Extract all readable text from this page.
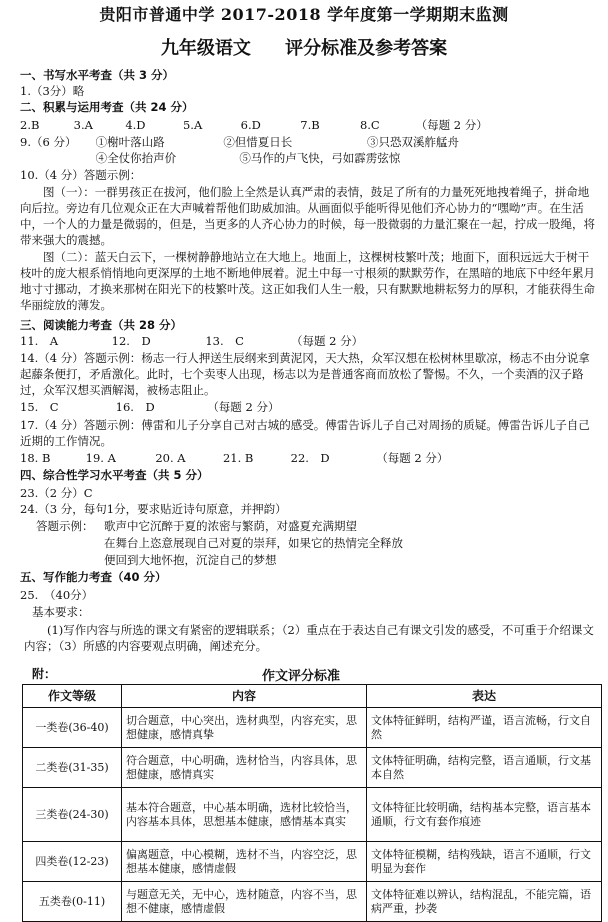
贵阳市普通中学 2017-2018 学年度第一学期期末监测
九年级语文 评分标准及参考答案
一、书写水平考查（共 3 分）
1.（3分）略
二、积累与运用考查（共 24 分）
2.B	3.A	4.D	5.A	6.D	7.B	8.C	（每题 2 分）
9.（6 分） ①榭叶落山路	②但惜夏日长	③只恐双溪舴艋舟
④全仗你抬声价	⑤马作的卢飞快，弓如霹雳弦惊
10.（4 分）答题示例：
图（一）：一群男孩正在拔河，他们脸上全然是认真严肃的表情，鼓足了所有的力量死死地拽着绳子，拼命地向后拉。旁边有几位观众正在大声喊着帮他们助威加油。从画面似乎能听得见他们齐心协力的“嘿呦”声。在生活中，一个人的力量是微弱的，但是，当更多的人齐心协力的时候，每一股微弱的力量汇聚在一起，拧成一股绳，将带来强大的震撼。
图（二）：蓝天白云下，一棵树静静地站立在大地上。地面上，这棵树枝繁叶茂；地面下，面积远远大于树干枝叶的庞大根系悄悄地向更深厚的土地不断地伸展着。泥土中每一寸根须的默默劳作，在黑暗的地底下中经年累月地寸寸挪动，才换来那树在阳光下的枝繁叶茂。这正如我们人生一般，只有默默地耕耘努力的厚积，才能获得生命华丽绽放的薄发。
三、阅读能力考查（共 28 分）
11.　A	12.　D	13.　C	（每题 2 分）
14.（4 分）答题示例：杨志一行人押送生辰纲来到黄泥冈，天大热，众军汉想在松树林里歇凉，杨志不由分说拿起藤条便打，矛盾激化。此时，七个卖枣人出现，杨志以为是普通客商而放松了警惕。不久，一个卖酒的汉子路过，众军汉想买酒解渴，被杨志阻止。
15.　C	16.　D	（每题 2 分）
17.（4 分）答题示例：傅雷和儿子分享自己对古城的感受。傅雷告诉儿子自己对周扬的质疑。傅雷告诉儿子自己近期的工作情况。
18. B	19. A	20. A	21. B	22.　D	（每题 2 分）
四、综合性学习水平考查（共 5 分）
23.（2 分）C
24.（3 分，每句1分，要求贴近诗句原意，并押韵）
答题示例： 歌声中它沉醉于夏的浓密与繁荫，对盛夏充满期望
在舞台上恣意展现自己对夏的崇拜，如果它的热情完全释放
便回到大地怀抱，沉淀自己的梦想
五、写作能力考查（40 分）
25.　（40分）
基本要求：
(1)写作内容与所选的课文有紧密的逻辑联系；（2）重点在于表达自己有课文引发的感受，不可重于介绍课文内容；（3）所感的内容要观点明确，阐述充分。
附：	作文评分标准
作文等级	内容	表达
一类卷(36-40)	切合题意，中心突出，选材典型，内容充实，思想健康，感情真挚	文体特征鲜明，结构严谨，语言流畅，行文自然
二类卷(31-35)	符合题意，中心明确，选材恰当，内容具体，思想健康，感情真实	文体特征明确，结构完整，语言通顺，行文基本自然
三类卷(24-30)	基本符合题意，中心基本明确，选材比较恰当，内容基本具体，思想基本健康，感情基本真实	文体特征比较明确，结构基本完整，语言基本通顺，行文有套作痕迹
四类卷(12-23)	偏离题意，中心模糊，选材不当，内容空泛，思想基本健康，感情虚假	文体特征模糊，结构残缺，语言不通顺，行文明显为套作
五类卷(0-11)	与题意无关，无中心，选材随意，内容不当，思想不健康，感情虚假	文体特征难以辨认，结构混乱，不能完篇，语病严重，抄袭
